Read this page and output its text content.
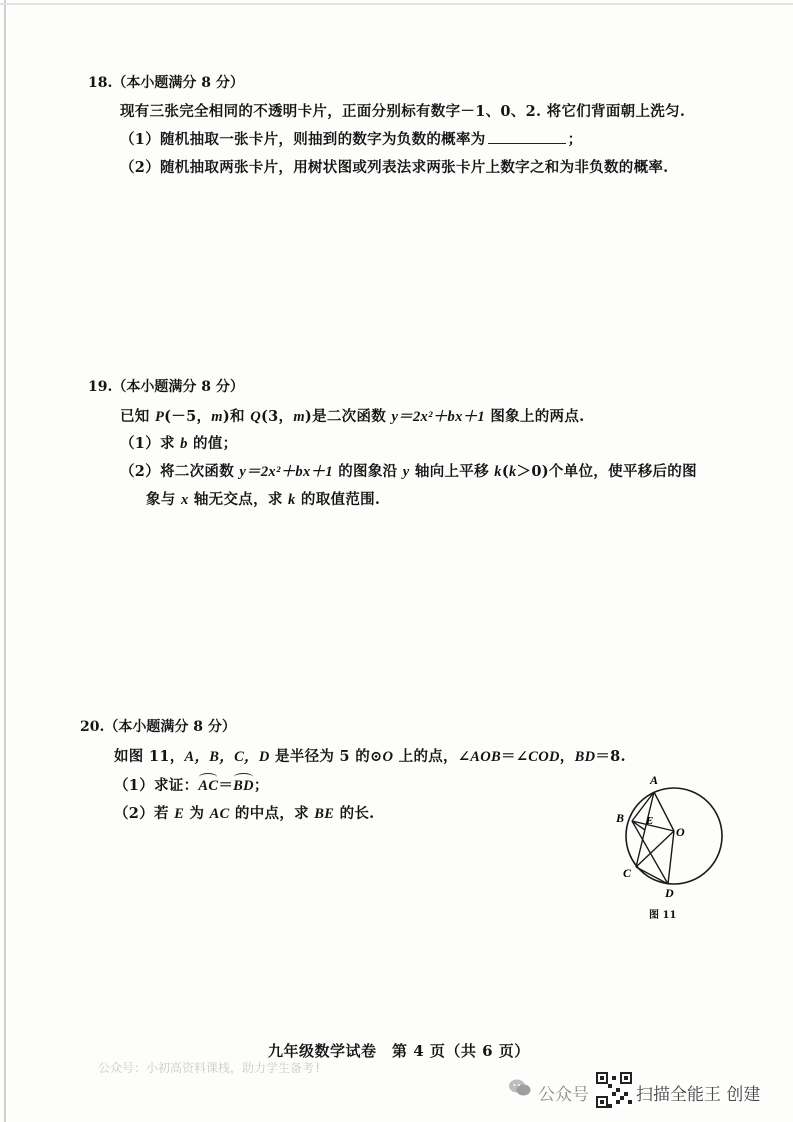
18.（本小题满分 8 分）
现有三张完全相同的不透明卡片，正面分别标有数字－1、0、2. 将它们背面朝上洗匀.
（1）随机抽取一张卡片，则抽到的数字为负数的概率为	；
（2）随机抽取两张卡片，用树状图或列表法求两张卡片上数字之和为非负数的概率.
19.（本小题满分 8 分）
已知 P(－5，m)和 Q(3，m)是二次函数 y＝2x²＋bx＋1 图象上的两点.
（1）求 b 的值；
（2）将二次函数 y＝2x²＋bx＋1 的图象沿 y 轴向上平移 k(k＞0)个单位，使平移后的图
象与 x 轴无交点，求 k 的取值范围.
20.（本小题满分 8 分）
如图 11，A，B，C，D 是半径为 5 的⊙O 上的点，∠AOB＝∠COD，BD＝8.
（1）求证：AC＝BD；
（2）若 E 为 AC 的中点，求 BE 的长.
A
B E
O
C
D
图 11
九年级数学试卷　第 4 页（共 6 页）
公众号：小初高资料课栈，助力学生备考!
公众号	扫描全能王 创建
